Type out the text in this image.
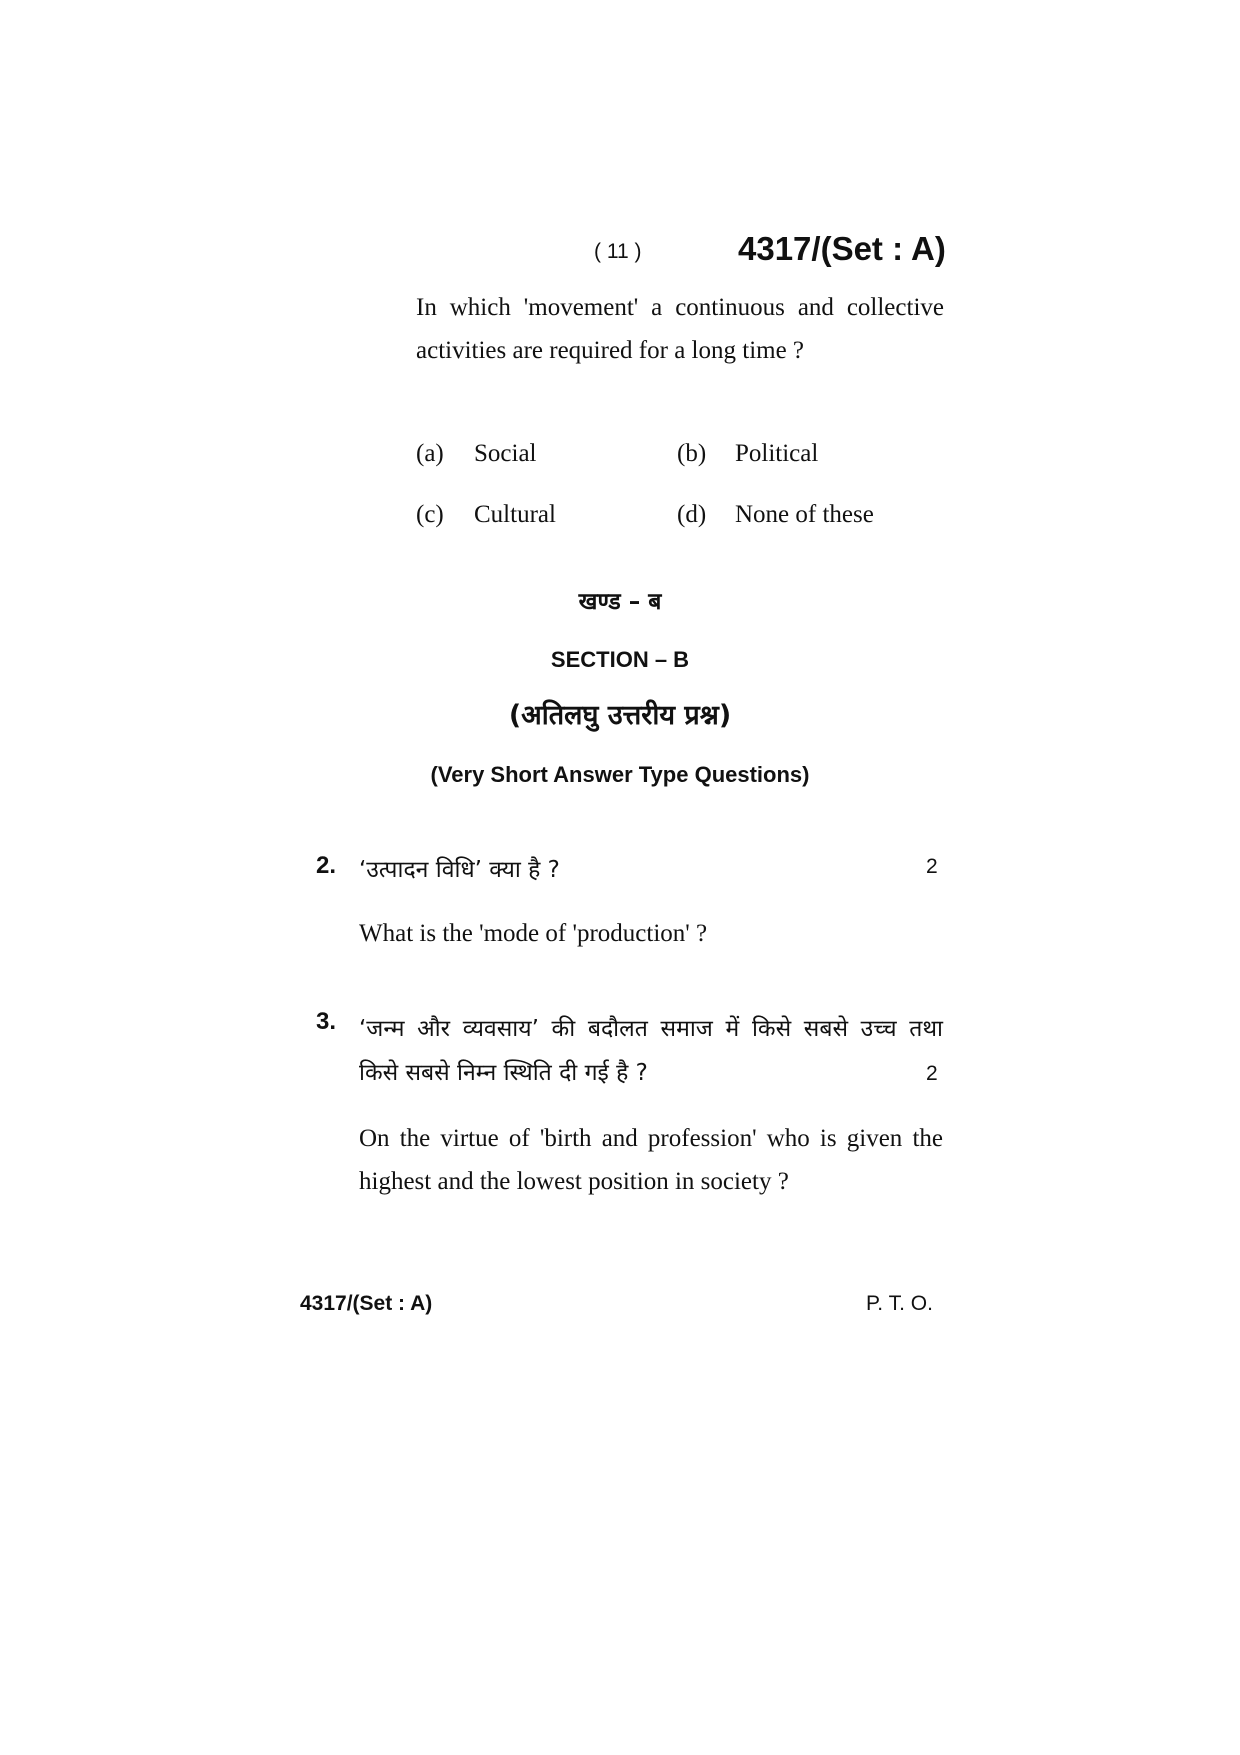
( 11 )	4317/(Set : A)
In which 'movement' a continuous and collective activities are required for a long time ?
(a) Social	(b) Political
(c) Cultural	(d) None of these
खण्ड – ब
SECTION – B
(अतिलघु उत्तरीय प्रश्न)
(Very Short Answer Type Questions)
2. ‘उत्पादन विधि’ क्या है ?	2
What is the 'mode of 'production' ?
3. ‘जन्म और व्यवसाय’ की बदौलत समाज में किसे सबसे उच्च तथा
किसे सबसे निम्न स्थिति दी गई है ?	2
On the virtue of 'birth and profession' who is given the highest and the lowest position in society ?
4317/(Set : A)	P. T. O.
